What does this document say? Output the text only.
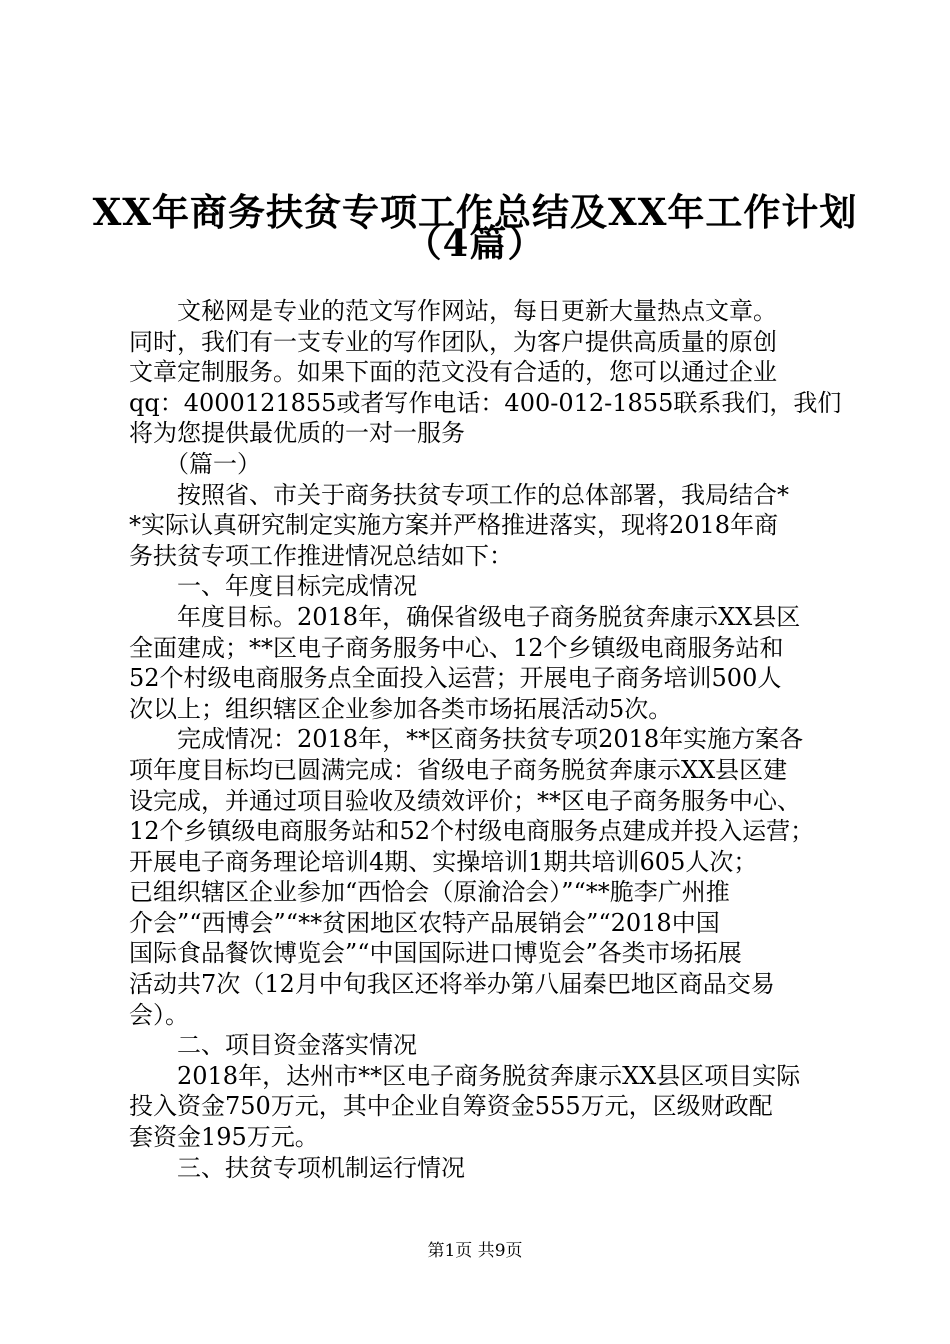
XX年商务扶贫专项工作总结及XX年工作计划
（4篇）
　　文秘网是专业的范文写作网站，每日更新大量热点文章。
同时，我们有一支专业的写作团队，为客户提供高质量的原创
文章定制服务。如果下面的范文没有合适的，您可以通过企业
qq：4000121855或者写作电话：400-012-1855联系我们，我们
将为您提供最优质的一对一服务
　　（篇一）
　　按照省、市关于商务扶贫专项工作的总体部署，我局结合*
*实际认真研究制定实施方案并严格推进落实，现将2018年商
务扶贫专项工作推进情况总结如下：
　　一、年度目标完成情况
　　年度目标。2018年，确保省级电子商务脱贫奔康示XX县区
全面建成；**区电子商务服务中心、12个乡镇级电商服务站和
52个村级电商服务点全面投入运营；开展电子商务培训500人
次以上；组织辖区企业参加各类市场拓展活动5次。
　　完成情况：2018年，**区商务扶贫专项2018年实施方案各
项年度目标均已圆满完成：省级电子商务脱贫奔康示XX县区建
设完成，并通过项目验收及绩效评价；**区电子商务服务中心、
12个乡镇级电商服务站和52个村级电商服务点建成并投入运营；
开展电子商务理论培训4期、实操培训1期共培训605人次；
已组织辖区企业参加“西恰会（原渝洽会）”“**脆李广州推
介会”“西博会”“**贫困地区农特产品展销会”“2018中国
国际食品餐饮博览会”“中国国际进口博览会”各类市场拓展
活动共7次（12月中旬我区还将举办第八届秦巴地区商品交易
会）。
　　二、项目资金落实情况
　　2018年，达州市**区电子商务脱贫奔康示XX县区项目实际
投入资金750万元，其中企业自筹资金555万元，区级财政配
套资金195万元。
　　三、扶贫专项机制运行情况
第1页 共9页
